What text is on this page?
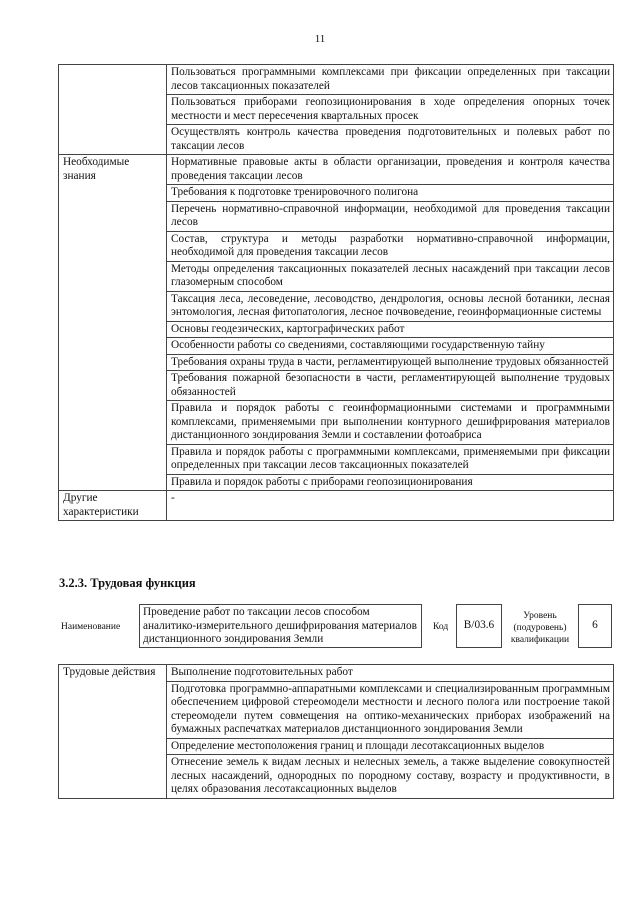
11
	Пользоваться программными комплексами при фиксации определенных при таксации лесов таксационных показателей
	Пользоваться приборами геопозиционирования в ходе определения опорных точек местности и мест пересечения квартальных просек
	Осуществлять контроль качества проведения подготовительных и полевых работ по таксации лесов
Необходимые знания	Нормативные правовые акты в области организации, проведения и контроля качества проведения таксации лесов
	Требования к подготовке тренировочного полигона
	Перечень нормативно-справочной информации, необходимой для проведения таксации лесов
	Состав, структура и методы разработки нормативно-справочной информации, необходимой для проведения таксации лесов
	Методы определения таксационных показателей лесных насаждений при таксации лесов глазомерным способом
	Таксация леса, лесоведение, лесоводство, дендрология, основы лесной ботаники, лесная энтомология, лесная фитопатология, лесное почвоведение, геоинформационные системы
	Основы геодезических, картографических работ
	Особенности работы со сведениями, составляющими государственную тайну
	Требования охраны труда в части, регламентирующей выполнение трудовых обязанностей
	Требования пожарной безопасности в части, регламентирующей выполнение трудовых обязанностей
	Правила и порядок работы с геоинформационными системами и программными комплексами, применяемыми при выполнении контурного дешифрирования материалов дистанционного зондирования Земли и составлении фотоабриса
	Правила и порядок работы с программными комплексами, применяемыми при фиксации определенных при таксации лесов таксационных показателей
	Правила и порядок работы с приборами геопозиционирования
Другие характеристики	-
3.2.3. Трудовая функция
Наименование
Проведение работ по таксации лесов способом аналитико-измерительного дешифрирования материалов дистанционного зондирования Земли
Код	B/03.6
Уровень (подуровень) квалификации
6
Трудовые действия	Выполнение подготовительных работ
Подготовка программно-аппаратными комплексами и специализированным программным обеспечением цифровой стереомодели местности и лесного полога или построение такой стереомодели путем совмещения на оптико-механических приборах изображений на бумажных распечатках материалов дистанционного зондирования Земли
Определение местоположения границ и площади лесотаксационных выделов
Отнесение земель к видам лесных и нелесных земель, а также выделение совокупностей лесных насаждений, однородных по породному составу, возрасту и продуктивности, в целях образования лесотаксационных выделов
